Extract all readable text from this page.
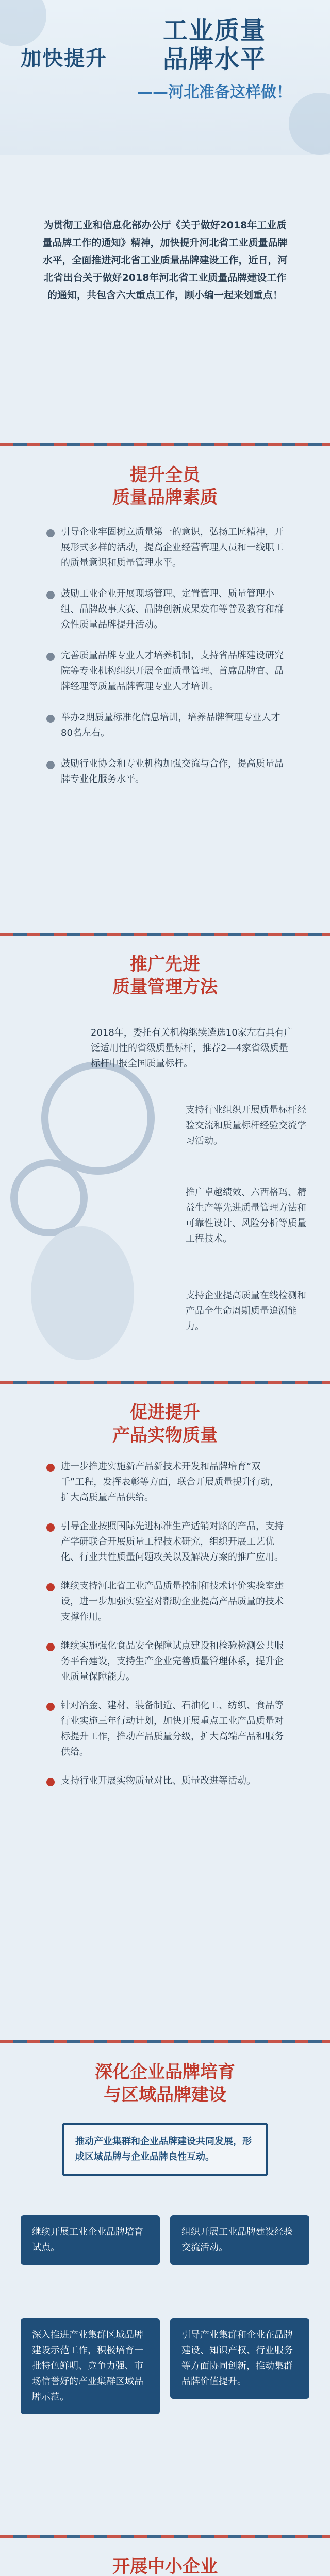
加快提升
工业质量
品牌水平
——河北准备这样做！

为贯彻工业和信息化部办公厅《关于做好2018年工业质量品牌工作的通知》精神，加快提升河北省工业质量品牌水平，全面推进河北省工业质量品牌建设工作，近日，河北省出台关于做好2018年河北省工业质量品牌建设工作的通知，共包含六大重点工作，顾小编一起来划重点！

提升全员
质量品牌素质

引导企业牢固树立质量第一的意识，弘扬工匠精神，开展形式多样的活动，提高企业经营管理人员和一线职工的质量意识和质量管理水平。

鼓励工业企业开展现场管理、定置管理、质量管理小组、品牌故事大赛、品牌创新成果发布等普及教育和群众性质量品牌提升活动。

完善质量品牌专业人才培养机制，支持省品牌建设研究院等专业机构组织开展全面质量管理、首席品牌官、品牌经理等质量品牌管理专业人才培训。

举办2期质量标准化信息培训，培养品牌管理专业人才80名左右。

鼓励行业协会和专业机构加强交流与合作，提高质量品牌专业化服务水平。

推广先进
质量管理方法

2018年，委托有关机构继续遴选10家左右具有广泛适用性的省级质量标杆，推荐2—4家省级质量标杆申报全国质量标杆。

支持行业组织开展质量标杆经验交流和质量标杆经验交流学习活动。

推广卓越绩效、六西格玛、精益生产等先进质量管理方法和可靠性设计、风险分析等质量工程技术。

支持企业提高质量在线检测和产品全生命周期质量追溯能力。

促进提升
产品实物质量

进一步推进实施新产品新技术开发和品牌培育“双千”工程，发挥表彰等方面，联合开展质量提升行动，扩大高质量产品供给。

引导企业按照国际先进标准生产适销对路的产品，支持产学研联合开展质量工程技术研究，组织开展工艺优化、行业共性质量问题攻关以及解决方案的推广应用。

继续支持河北省工业产品质量控制和技术评价实验室建设，进一步加强实验室对帮助企业提高产品质量的技术支撑作用。

继续实施强化食品安全保障试点建设和检验检测公共服务平台建设，支持生产企业完善质量管理体系，提升企业质量保障能力。

针对冶金、建材、装备制造、石油化工、纺织、食品等行业实施三年行动计划，加快开展重点工业产品质量对标提升工作，推动产品质量分级，扩大高端产品和服务供给。

支持行业开展实物质量对比、质量改进等活动。

深化企业品牌培育
与区域品牌建设

推动产业集群和企业品牌建设共同发展，形成区域品牌与企业品牌良性互动。

继续开展工业企业品牌培育试点。

组织开展工业品牌建设经验交流活动。

深入推进产业集群区域品牌建设示范工作，积极培育一批特色鲜明、竞争力强、市场信誉好的产业集群区域品牌示范。

引导产业集群和企业在品牌建设、知识产权、行业服务等方面协同创新，推动集群品牌价值提升。

开展中小企业
